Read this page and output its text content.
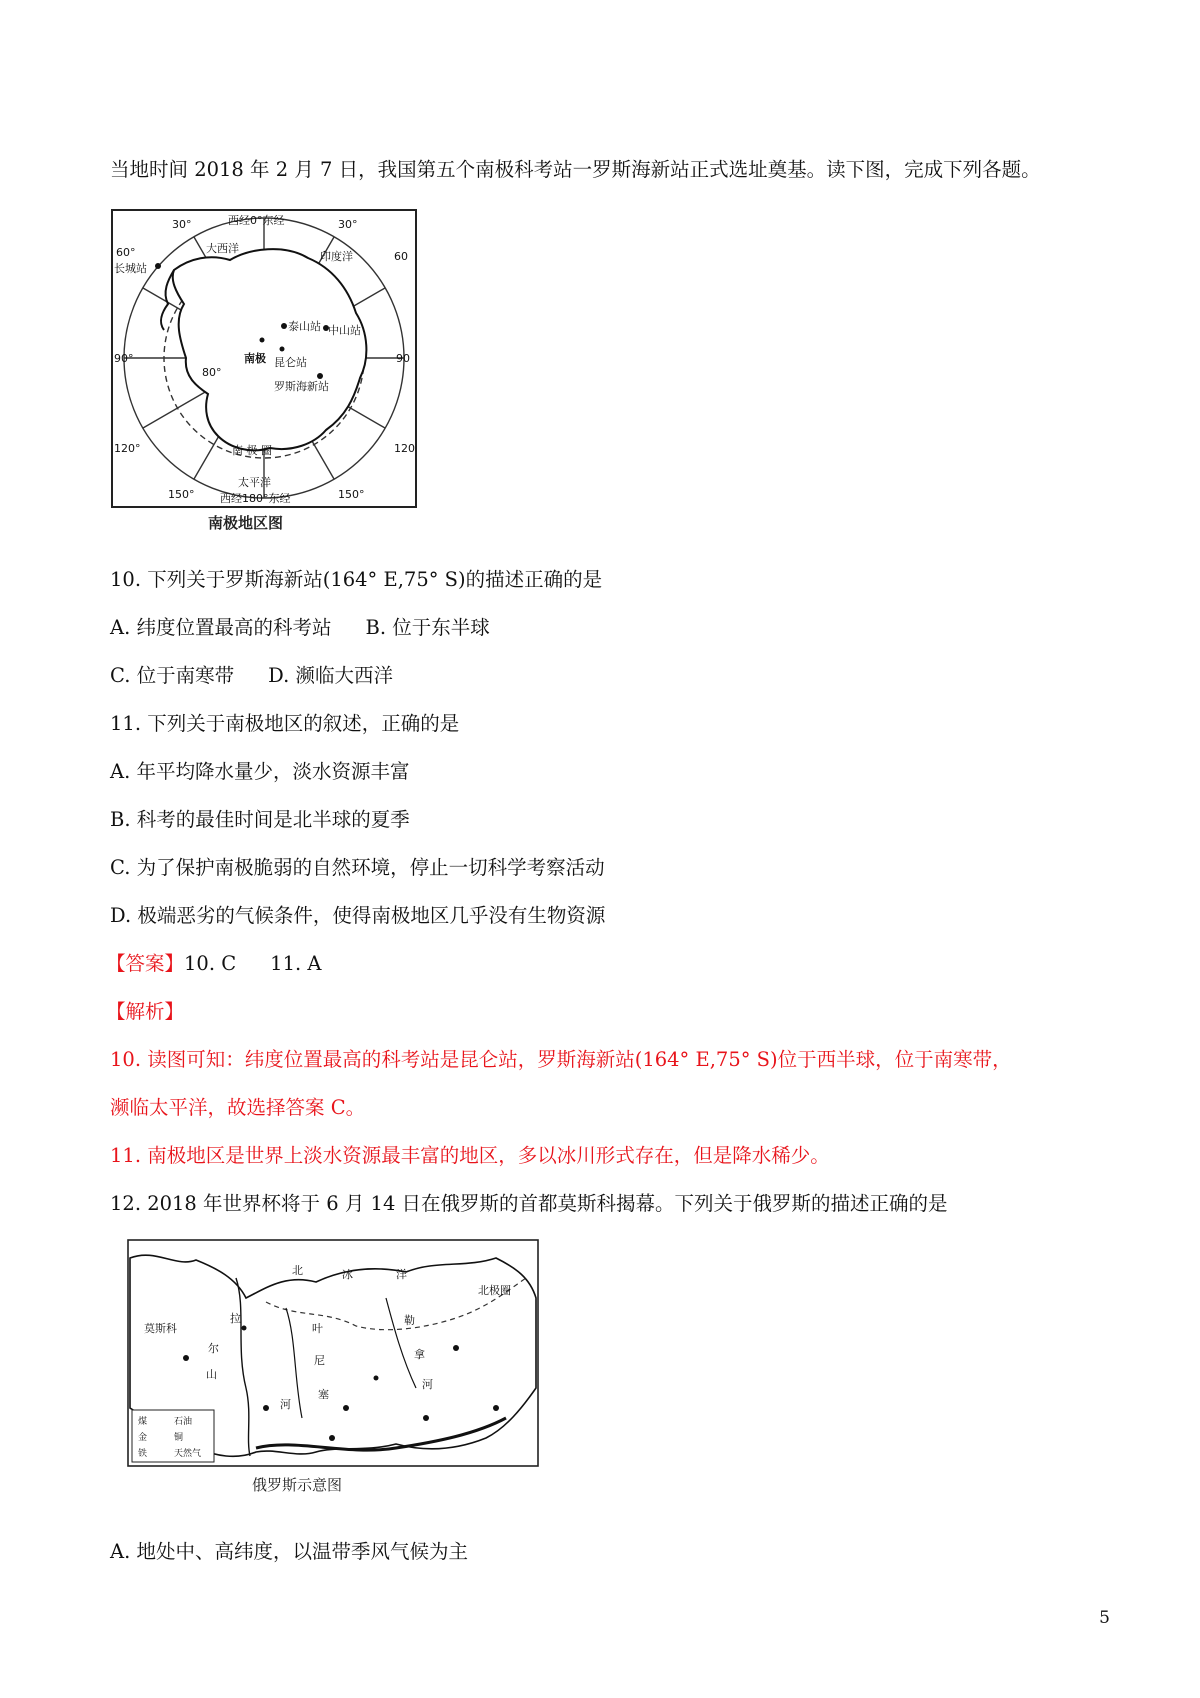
当地时间 2018 年 2 月 7 日，我国第五个南极科考站一罗斯海新站正式选址奠基。读下图，完成下列各题。
西经0°东经
西经180°东经
30°	30°
60°	60
90°	90
120°	120
150°	150°
80°
大西洋
印度洋
太平洋
南极
南 极 圈
长城站
泰山站 中山站
昆仑站
罗斯海新站
南极地区图
10. 下列关于罗斯海新站(164° E,75° S)的描述正确的是
A. 纬度位置最高的科考站 B. 位于东半球
C. 位于南寒带 D. 濒临大西洋
11. 下列关于南极地区的叙述，正确的是
A. 年平均降水量少，淡水资源丰富
B. 科考的最佳时间是北半球的夏季
C. 为了保护南极脆弱的自然环境，停止一切科学考察活动
D. 极端恶劣的气候条件，使得南极地区几乎没有生物资源
【答案】10. C 11. A
【解析】
10. 读图可知：纬度位置最高的科考站是昆仑站，罗斯海新站(164° E,75° S)位于西半球，位于南寒带，
濒临太平洋，故选择答案 C。
11. 南极地区是世界上淡水资源最丰富的地区，多以冰川形式存在，但是降水稀少。
12. 2018 年世界杯将于 6 月 14 日在俄罗斯的首都莫斯科揭幕。下列关于俄罗斯的描述正确的是
北	冰	洋
莫斯科
拉
尔
山
叶
尼
塞
勒
拿
河
河
北极圈
煤
金
铁
石油
铜
天然气
俄罗斯示意图
A. 地处中、高纬度，以温带季风气候为主
5
